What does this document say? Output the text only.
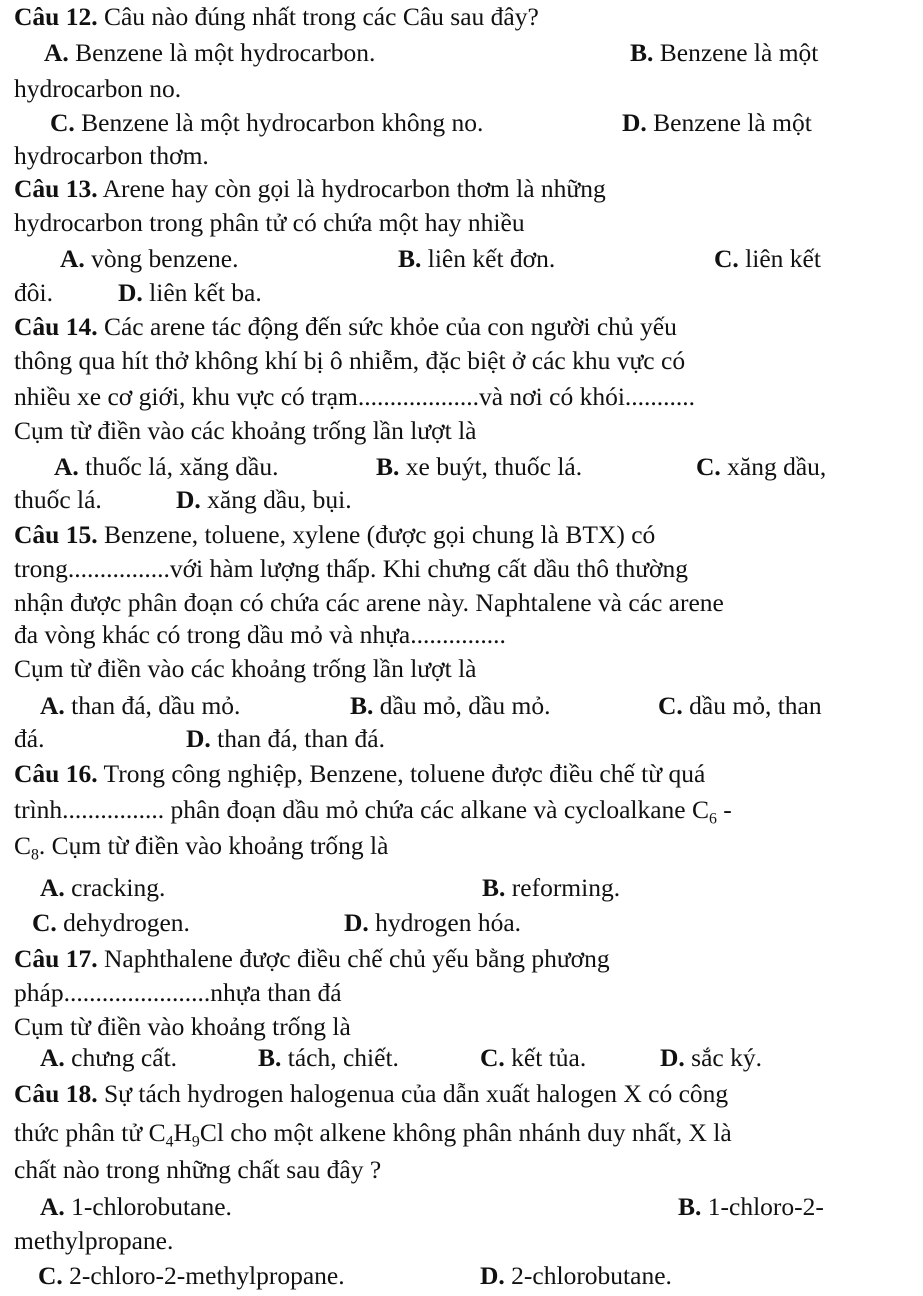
Câu 12. Câu nào đúng nhất trong các Câu sau đây?
A. Benzene là một hydrocarbon.	B. Benzene là một
hydrocarbon no.
C. Benzene là một hydrocarbon không no.	D. Benzene là một
hydrocarbon thơm.
Câu 13. Arene hay còn gọi là hydrocarbon thơm là những
hydrocarbon trong phân tử có chứa một hay nhiều
A. vòng benzene.	B. liên kết đơn.	C. liên kết
đôi.	D. liên kết ba.
Câu 14. Các arene tác động đến sức khỏe của con người chủ yếu
thông qua hít thở không khí bị ô nhiễm, đặc biệt ở các khu vực có
nhiều xe cơ giới, khu vực có trạm...................và nơi có khói...........
Cụm từ điền vào các khoảng trống lần lượt là
A. thuốc lá, xăng dầu.	B. xe buýt, thuốc lá.	C. xăng dầu,
thuốc lá.	D. xăng dầu, bụi.
Câu 15. Benzene, toluene, xylene (được gọi chung là BTX) có
trong................với hàm lượng thấp. Khi chưng cất dầu thô thường
nhận được phân đoạn có chứa các arene này. Naphtalene và các arene
đa vòng khác có trong dầu mỏ và nhựa...............
Cụm từ điền vào các khoảng trống lần lượt là
A. than đá, dầu mỏ.	B. dầu mỏ, dầu mỏ.	C. dầu mỏ, than
đá.	D. than đá, than đá.
Câu 16. Trong công nghiệp, Benzene, toluene được điều chế từ quá
trình................ phân đoạn dầu mỏ chứa các alkane và cycloalkane $C_6$ -
$C_8$. Cụm từ điền vào khoảng trống là
A. cracking.	B. reforming.
C. dehydrogen.	D. hydrogen hóa.
Câu 17. Naphthalene được điều chế chủ yếu bằng phương
pháp.......................nhựa than đá
Cụm từ điền vào khoảng trống là
A. chưng cất.	B. tách, chiết.	C. kết tủa.	D. sắc ký.
Câu 18. Sự tách hydrogen halogenua của dẫn xuất halogen X có công
thức phân tử $C_4H_9Cl$ cho một alkene không phân nhánh duy nhất, X là
chất nào trong những chất sau đây ?
A. 1-chlorobutane.	B. 1-chloro-2-
methylpropane.
C. 2-chloro-2-methylpropane.	D. 2-chlorobutane.
